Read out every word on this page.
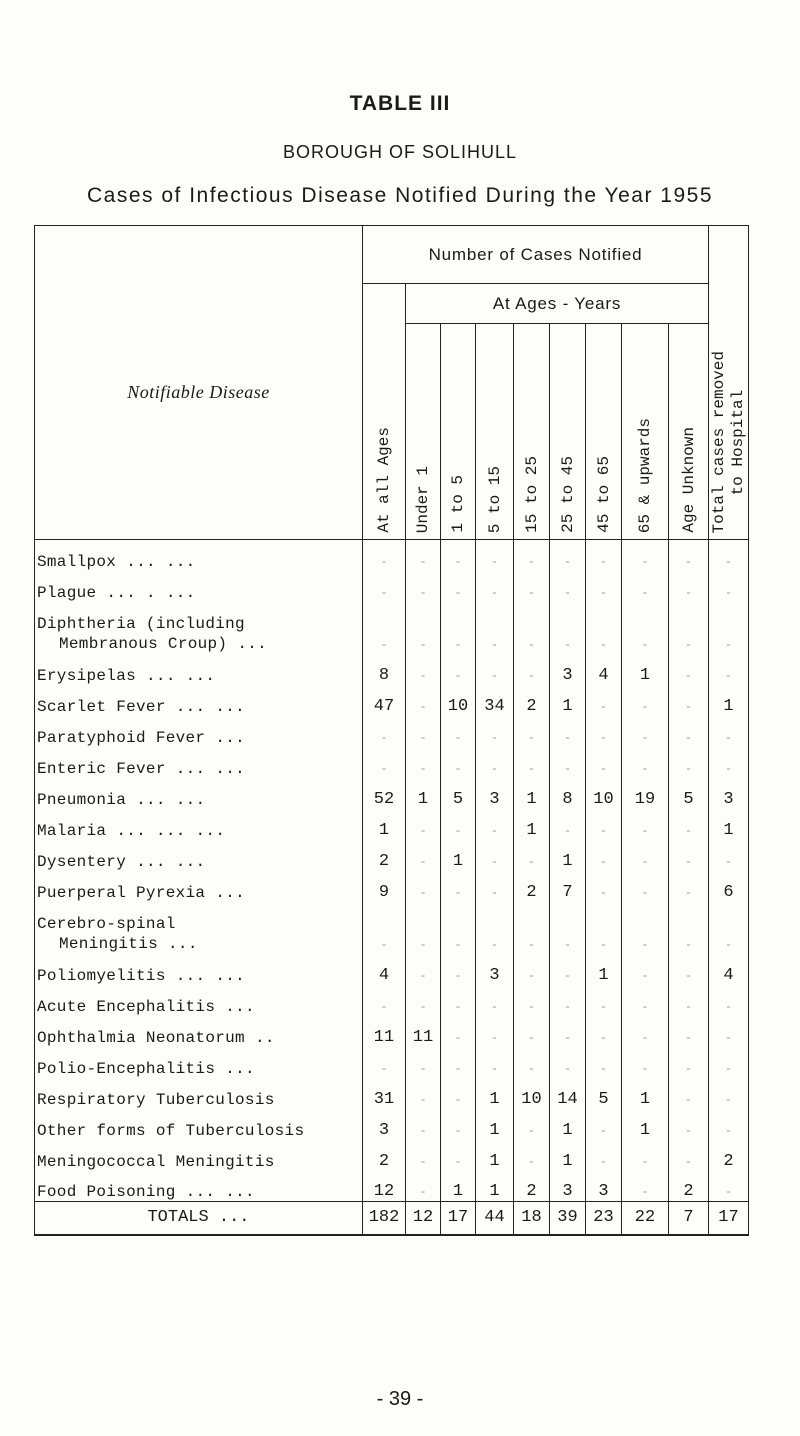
TABLE III
BOROUGH OF SOLIHULL
Cases of Infectious Disease Notified During the Year 1955
Notifiable Disease	Number of Cases Notified									Total cases removed to Hospital

	At all Ages	At Ages - Years								

		Under 1	1 to 5	5 to 15	15 to 25	25 to 45	45 to 65	65 & upwards	Age Unknown	

Smallpox ... ...	-	-	-	-	-	-	-	-	-	-
Plague ... . ...	-	-	-	-	-	-	-	-	-	-

Diphtheria (including
Membranous Croup) ...	-	-	-	-	-	-	-	-	-	-
Erysipelas ... ...	8	-	-	-	-	3	4	1	-	-
Scarlet Fever ... ...	47	-	10	34	2	1	-	-	-	1
Paratyphoid Fever ...	-	-	-	-	-	-	-	-	-	-
Enteric Fever ... ...	-	-	-	-	-	-	-	-	-	-
Pneumonia ... ...	52	1	5	3	1	8	10	19	5	3
Malaria ... ... ...	1	-	-	-	1	-	-	-	-	1
Dysentery ... ...	2	-	1	-	-	1	-	-	-	-
Puerperal Pyrexia ...	9	-	-	-	2	7	-	-	-	6

Cerebro-spinal
Meningitis ...	-	-	-	-	-	-	-	-	-	-
Poliomyelitis ... ...	4	-	-	3	-	-	1	-	-	4
Acute Encephalitis ...	-	-	-	-	-	-	-	-	-	-
Ophthalmia Neonatorum ..	11	11	-	-	-	-	-	-	-	-
Polio-Encephalitis ...	-	-	-	-	-	-	-	-	-	-
Respiratory Tuberculosis	31	-	-	1	10	14	5	1	-	-
Other forms of Tuberculosis	3	-	-	1	-	1	-	1	-	-
Meningococcal Meningitis	2	-	-	1	-	1	-	-	-	2
Food Poisoning ... ...	12	-	1	1	2	3	3	-	2	-
TOTALS ...	182	12	17	44	18	39	23	22	7	17
- 39 -
